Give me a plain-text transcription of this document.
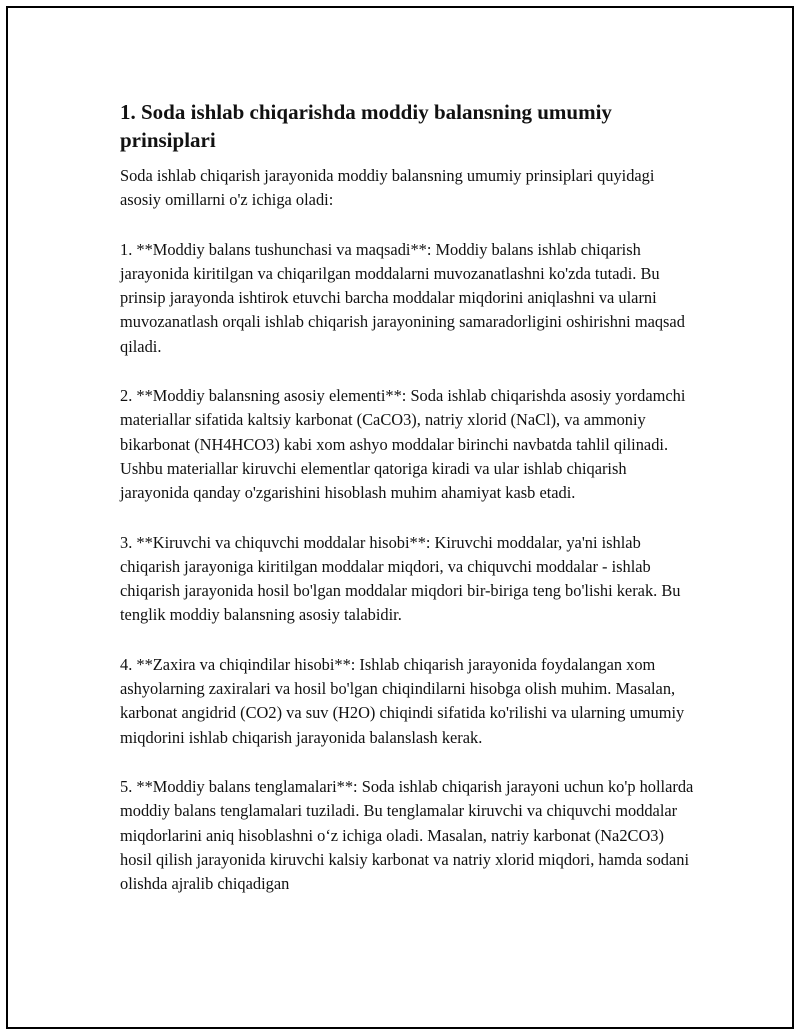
1. Soda ishlab chiqarishda moddiy balansning umumiy prinsiplari

Soda ishlab chiqarish jarayonida moddiy balansning umumiy prinsiplari quyidagi asosiy omillarni o'z ichiga oladi:

1. **Moddiy balans tushunchasi va maqsadi**: Moddiy balans ishlab chiqarish jarayonida kiritilgan va chiqarilgan moddalarni muvozanatlashni ko'zda tutadi. Bu prinsip jarayonda ishtirok etuvchi barcha moddalar miqdorini aniqlashni va ularni muvozanatlash orqali ishlab chiqarish jarayonining samaradorligini oshirishni maqsad qiladi.

2. **Moddiy balansning asosiy elementi**: Soda ishlab chiqarishda asosiy yordamchi materiallar sifatida kaltsiy karbonat (CaCO3), natriy xlorid (NaCl), va ammoniy bikarbonat (NH4HCO3) kabi xom ashyo moddalar birinchi navbatda tahlil qilinadi. Ushbu materiallar kiruvchi elementlar qatoriga kiradi va ular ishlab chiqarish jarayonida qanday o'zgarishini hisoblash muhim ahamiyat kasb etadi.

3. **Kiruvchi va chiquvchi moddalar hisobi**: Kiruvchi moddalar, ya'ni ishlab chiqarish jarayoniga kiritilgan moddalar miqdori, va chiquvchi moddalar - ishlab chiqarish jarayonida hosil bo'lgan moddalar miqdori bir-biriga teng bo'lishi kerak. Bu tenglik moddiy balansning asosiy talabidir.

4. **Zaxira va chiqindilar hisobi**: Ishlab chiqarish jarayonida foydalangan xom ashyolarning zaxiralari va hosil bo'lgan chiqindilarni hisobga olish muhim. Masalan, karbonat angidrid (CO2) va suv (H2O) chiqindi sifatida ko'rilishi va ularning umumiy miqdorini ishlab chiqarish jarayonida balanslash kerak.

5. **Moddiy balans tenglamalari**: Soda ishlab chiqarish jarayoni uchun ko'p hollarda moddiy balans tenglamalari tuziladi. Bu tenglamalar kiruvchi va chiquvchi moddalar miqdorlarini aniq hisoblashni o‘z ichiga oladi. Masalan, natriy karbonat (Na2CO3) hosil qilish jarayonida kiruvchi kalsiy karbonat va natriy xlorid miqdori, hamda sodani olishda ajralib chiqadigan
